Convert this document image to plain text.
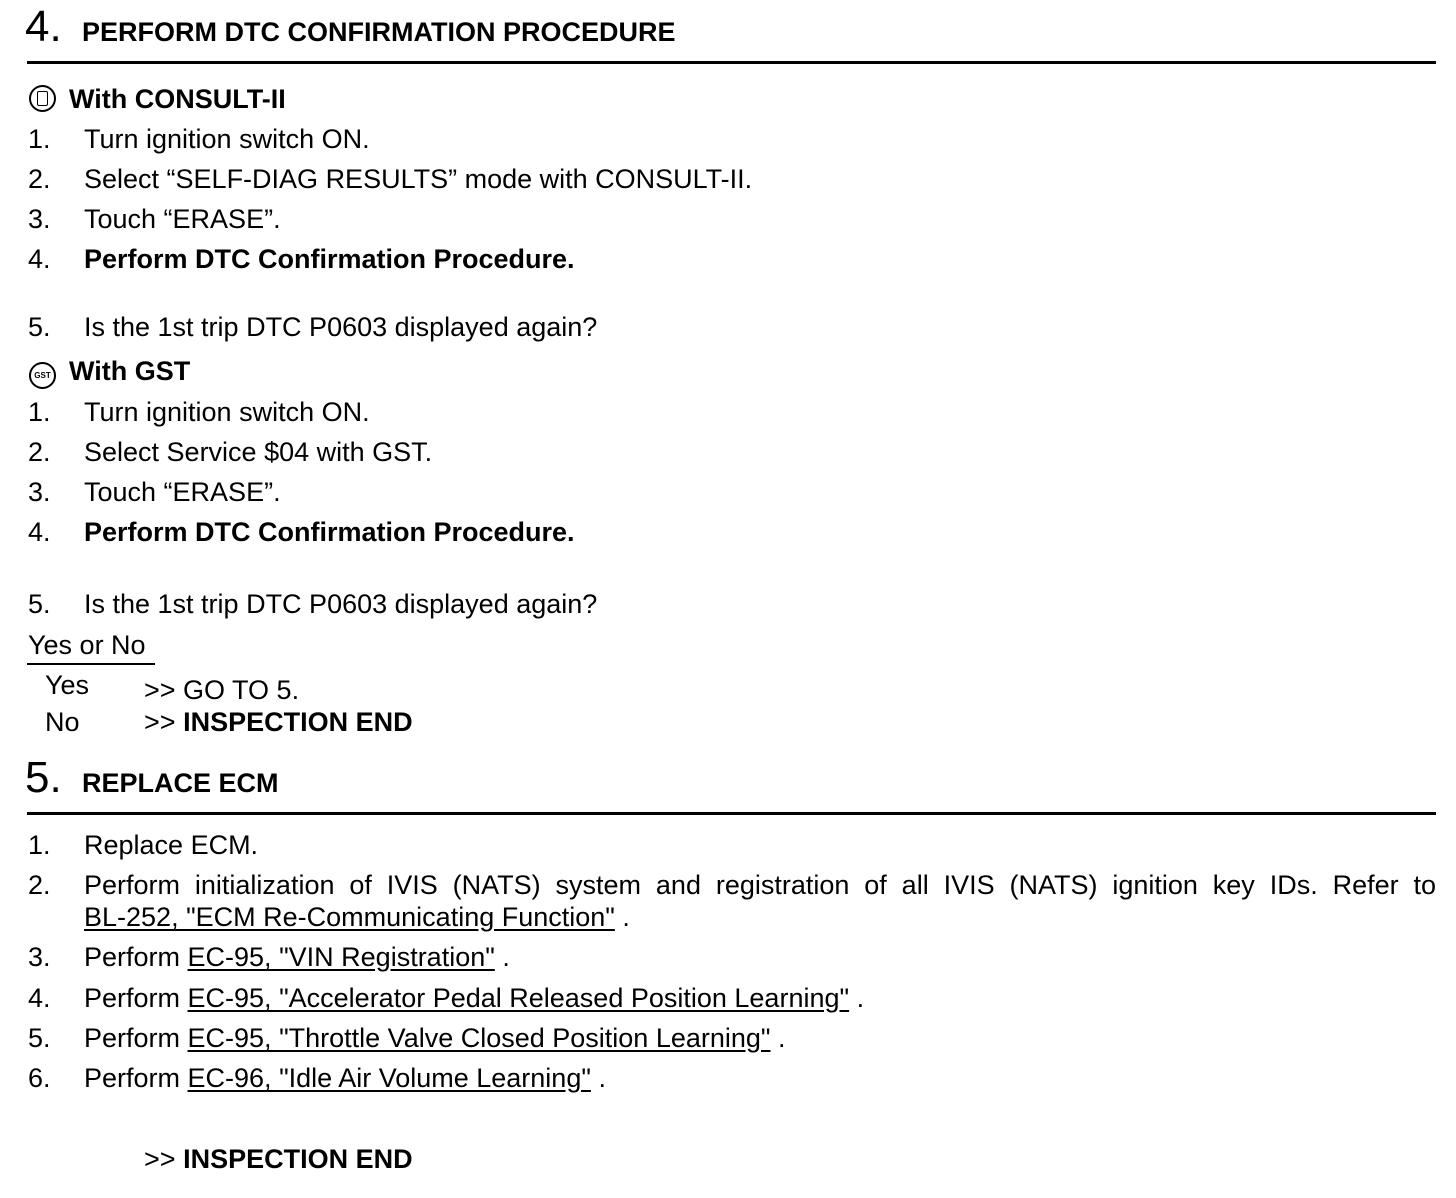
4. PERFORM DTC CONFIRMATION PROCEDURE
With CONSULT-II
1. Turn ignition switch ON.
2. Select “SELF-DIAG RESULTS” mode with CONSULT-II.
3. Touch “ERASE”.
4. Perform DTC Confirmation Procedure.
5. Is the 1st trip DTC P0603 displayed again?
GST With GST
1. Turn ignition switch ON.
2. Select Service $04 with GST.
3. Touch “ERASE”.
4. Perform DTC Confirmation Procedure.
5. Is the 1st trip DTC P0603 displayed again?
Yes or No
Yes >> GO TO 5.
No >> INSPECTION END
5. REPLACE ECM
1. Replace ECM.
2. Perform initialization of IVIS (NATS) system and registration of all IVIS (NATS) ignition key IDs. Refer to
BL-252, "ECM Re-Communicating Function" .
3. Perform EC-95, "VIN Registration" .
4. Perform EC-95, "Accelerator Pedal Released Position Learning" .
5. Perform EC-95, "Throttle Valve Closed Position Learning" .
6. Perform EC-96, "Idle Air Volume Learning" .
>> INSPECTION END
